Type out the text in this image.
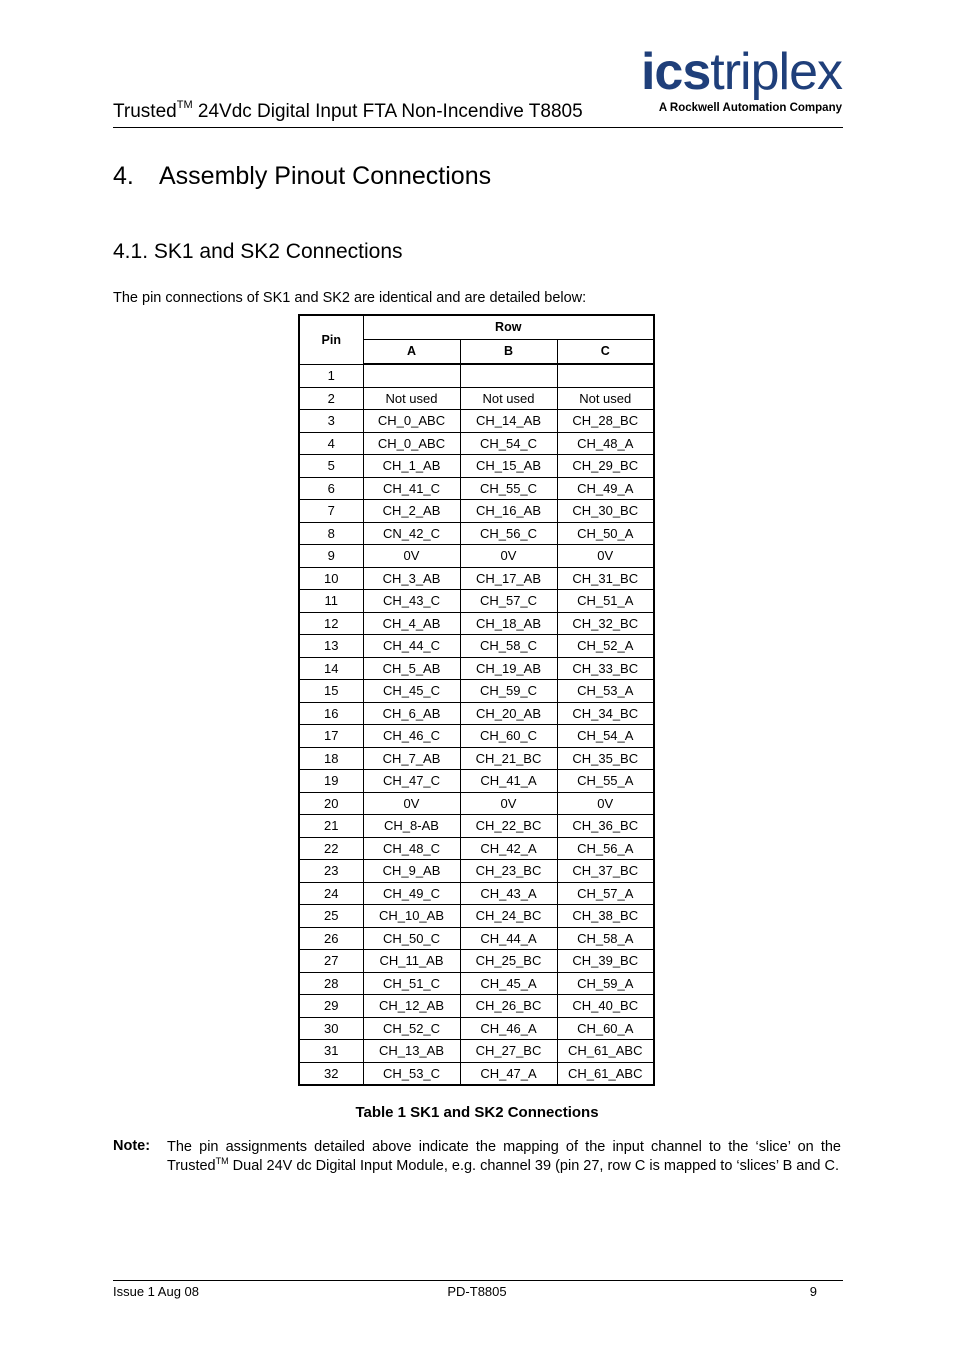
Trusted™ 24Vdc Digital Input FTA Non-Incendive T8805
icstriplex
A Rockwell Automation Company
4. Assembly Pinout Connections
4.1. SK1 and SK2 Connections
The pin connections of SK1 and SK2 are identical and are detailed below:
Pin	Row		
	A	B	C
1			
2	Not used	Not used	Not used
3	CH_0_ABC	CH_14_AB	CH_28_BC
4	CH_0_ABC	CH_54_C	CH_48_A
5	CH_1_AB	CH_15_AB	CH_29_BC
6	CH_41_C	CH_55_C	CH_49_A
7	CH_2_AB	CH_16_AB	CH_30_BC
8	CN_42_C	CH_56_C	CH_50_A
9	0V	0V	0V
10	CH_3_AB	CH_17_AB	CH_31_BC
11	CH_43_C	CH_57_C	CH_51_A
12	CH_4_AB	CH_18_AB	CH_32_BC
13	CH_44_C	CH_58_C	CH_52_A
14	CH_5_AB	CH_19_AB	CH_33_BC
15	CH_45_C	CH_59_C	CH_53_A
16	CH_6_AB	CH_20_AB	CH_34_BC
17	CH_46_C	CH_60_C	CH_54_A
18	CH_7_AB	CH_21_BC	CH_35_BC
19	CH_47_C	CH_41_A	CH_55_A
20	0V	0V	0V
21	CH_8-AB	CH_22_BC	CH_36_BC
22	CH_48_C	CH_42_A	CH_56_A
23	CH_9_AB	CH_23_BC	CH_37_BC
24	CH_49_C	CH_43_A	CH_57_A
25	CH_10_AB	CH_24_BC	CH_38_BC
26	CH_50_C	CH_44_A	CH_58_A
27	CH_11_AB	CH_25_BC	CH_39_BC
28	CH_51_C	CH_45_A	CH_59_A
29	CH_12_AB	CH_26_BC	CH_40_BC
30	CH_52_C	CH_46_A	CH_60_A
31	CH_13_AB	CH_27_BC	CH_61_ABC
32	CH_53_C	CH_47_A	CH_61_ABC
Table 1 SK1 and SK2 Connections
Note: The pin assignments detailed above indicate the mapping of the input channel to the ‘slice’ on the Trusted™ Dual 24V dc Digital Input Module, e.g. channel 39 (pin 27, row C is mapped to ‘slices’ B and C.
Issue 1 Aug 08	PD-T8805	9
